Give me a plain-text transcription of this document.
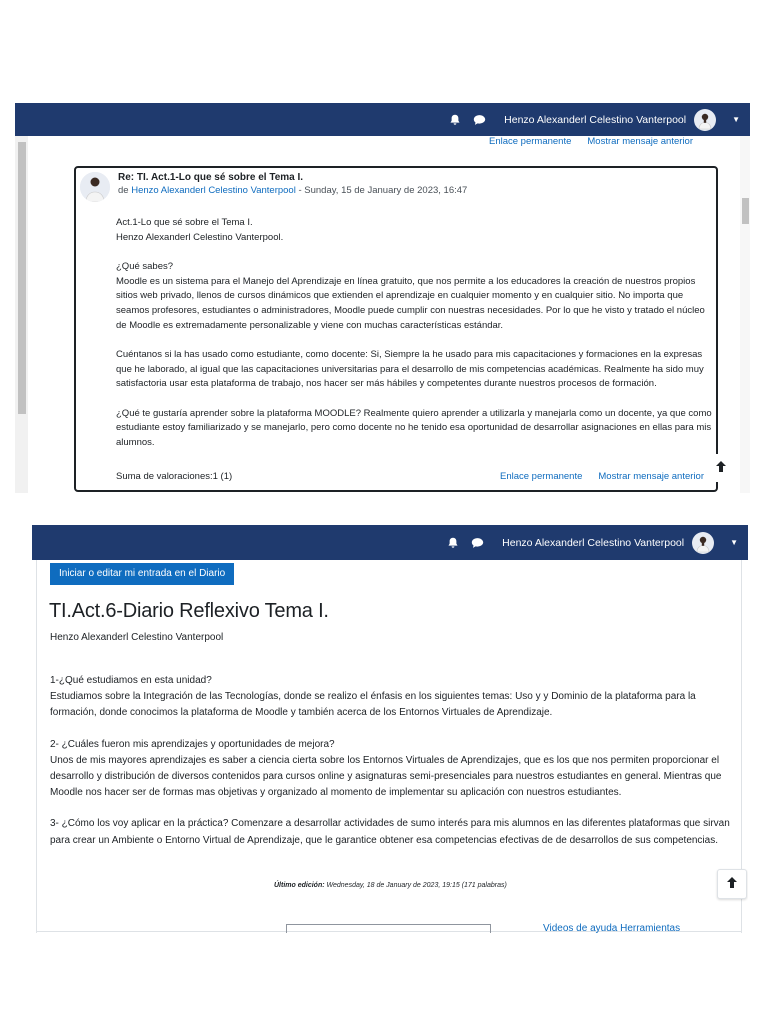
Henzo Alexanderl Celestino Vanterpool	▼
Enlace permanente Mostrar mensaje anterior
Re: TI. Act.1-Lo que sé sobre el Tema I.
de Henzo Alexanderl Celestino Vanterpool - Sunday, 15 de January de 2023, 16:47

Act.1-Lo que sé sobre el Tema I.
Henzo Alexanderl Celestino Vanterpool.

¿Qué sabes?
Moodle es un sistema para el Manejo del Aprendizaje en línea gratuito, que nos permite a los educadores la creación de nuestros propios sitios web privado, llenos de cursos dinámicos que extienden el aprendizaje en cualquier momento y en cualquier sitio. No importa que seamos profesores, estudiantes o administradores, Moodle puede cumplir con nuestras necesidades. Por lo que he visto y tratado el núcleo de Moodle es extremadamente personalizable y viene con muchas características estándar.

Cuéntanos si la has usado como estudiante, como docente: Si, Siempre la he usado para mis capacitaciones y formaciones en la expresas que he laborado, al igual que las capacitaciones universitarias para el desarrollo de mis competencias académicas. Realmente ha sido muy satisfactoria usar esta plataforma de trabajo, nos hacer ser más hábiles y competentes durante nuestros procesos de formación.

¿Qué te gustaría aprender sobre la plataforma MOODLE? Realmente quiero aprender a utilizarla y manejarla como un docente, ya que como estudiante estoy familiarizado y se manejarlo, pero como docente no he tenido esa oportunidad de desarrollar asignaciones en ellas para mis alumnos.

Suma de valoraciones:1 (1)	Enlace permanente Mostrar mensaje anterior
Henzo Alexanderl Celestino Vanterpool	▼
Iniciar o editar mi entrada en el Diario
TI.Act.6-Diario Reflexivo Tema I.
Henzo Alexanderl Celestino Vanterpool

1-¿Qué estudiamos en esta unidad?
Estudiamos sobre la Integración de las Tecnologías, donde se realizo el énfasis en los siguientes temas: Uso y y Dominio de la plataforma para la formación, donde conocimos la plataforma de Moodle y también acerca de los Entornos Virtuales de Aprendizaje.

2- ¿Cuáles fueron mis aprendizajes y oportunidades de mejora?
Unos de mis mayores aprendizajes es saber a ciencia cierta sobre los Entornos Virtuales de Aprendizajes, que es los que nos permiten proporcionar el desarrollo y distribución de diversos contenidos para cursos online y asignaturas semi-presenciales para nuestros estudiantes en general. Mientras que Moodle nos hacer ser de formas mas objetivas y organizado al momento de implementar su aplicación con nuestros estudiantes.

3- ¿Cómo los voy aplicar en la práctica? Comenzare a desarrollar actividades de sumo interés para mis alumnos en las diferentes plataformas que sirvan para crear un Ambiente o Entorno Virtual de Aprendizaje, que le garantice obtener esa competencias efectivas de de desarrollos de sus competencias.

Último edición: Wednesday, 18 de January de 2023, 19:15 (171 palabras)
Videos de ayuda Herramientas
